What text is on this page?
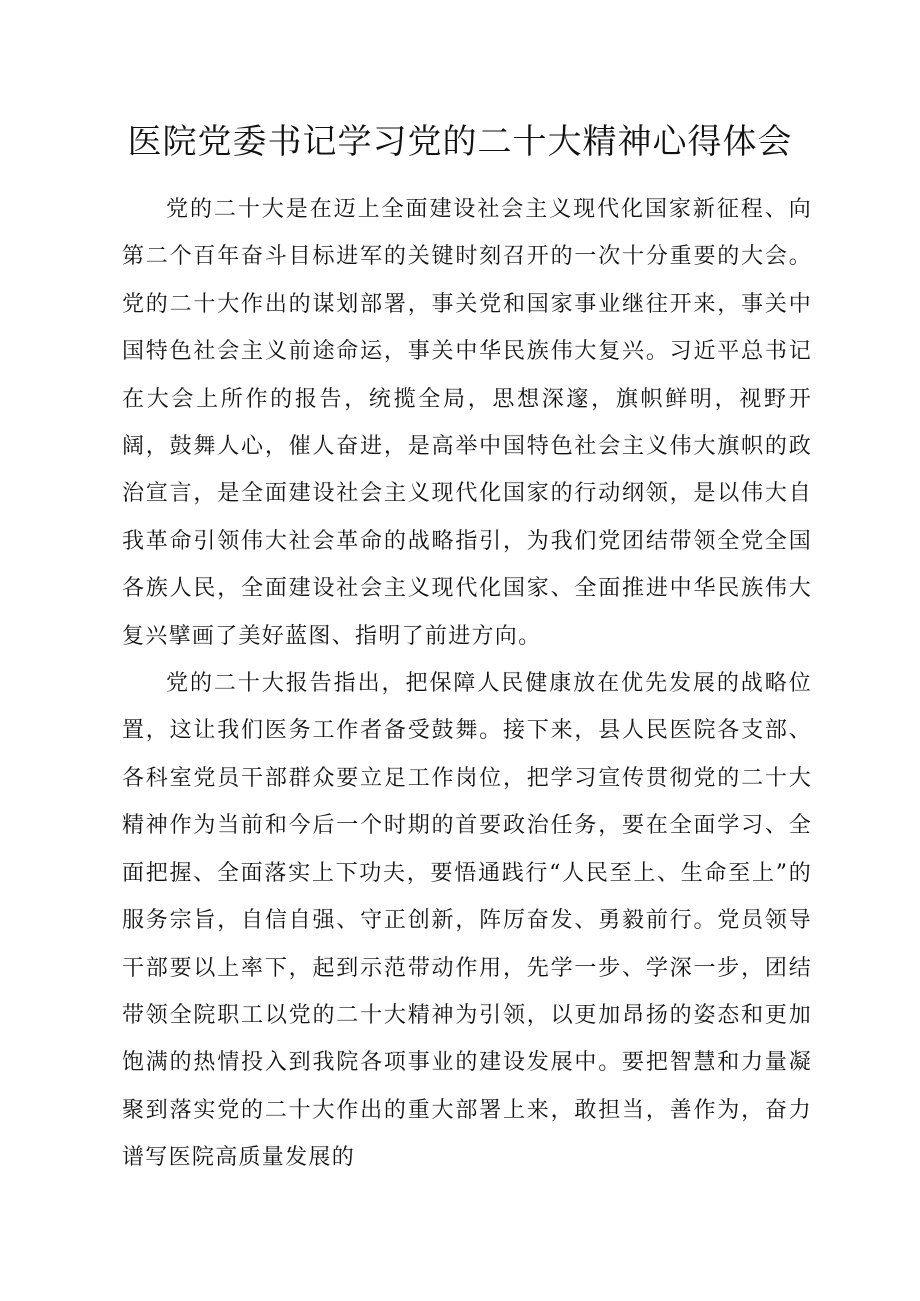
医院党委书记学习党的二十大精神心得体会

党的二十大是在迈上全面建设社会主义现代化国家新征程、向第二个百年奋斗目标进军的关键时刻召开的一次十分重要的大会。党的二十大作出的谋划部署，事关党和国家事业继往开来，事关中国特色社会主义前途命运，事关中华民族伟大复兴。习近平总书记在大会上所作的报告，统揽全局，思想深邃，旗帜鲜明，视野开阔，鼓舞人心，催人奋进，是高举中国特色社会主义伟大旗帜的政治宣言，是全面建设社会主义现代化国家的行动纲领，是以伟大自我革命引领伟大社会革命的战略指引，为我们党团结带领全党全国各族人民，全面建设社会主义现代化国家、全面推进中华民族伟大复兴擘画了美好蓝图、指明了前进方向。

党的二十大报告指出，把保障人民健康放在优先发展的战略位置，这让我们医务工作者备受鼓舞。接下来，县人民医院各支部、各科室党员干部群众要立足工作岗位，把学习宣传贯彻党的二十大精神作为当前和今后一个时期的首要政治任务，要在全面学习、全面把握、全面落实上下功夫，要悟通践行“人民至上、生命至上”的服务宗旨，自信自强、守正创新，阵厉奋发、勇毅前行。党员领导干部要以上率下，起到示范带动作用，先学一步、学深一步，团结带领全院职工以党的二十大精神为引领，以更加昂扬的姿态和更加饱满的热情投入到我院各项事业的建设发展中。要把智慧和力量凝聚到落实党的二十大作出的重大部署上来，敢担当，善作为，奋力谱写医院高质量发展的
